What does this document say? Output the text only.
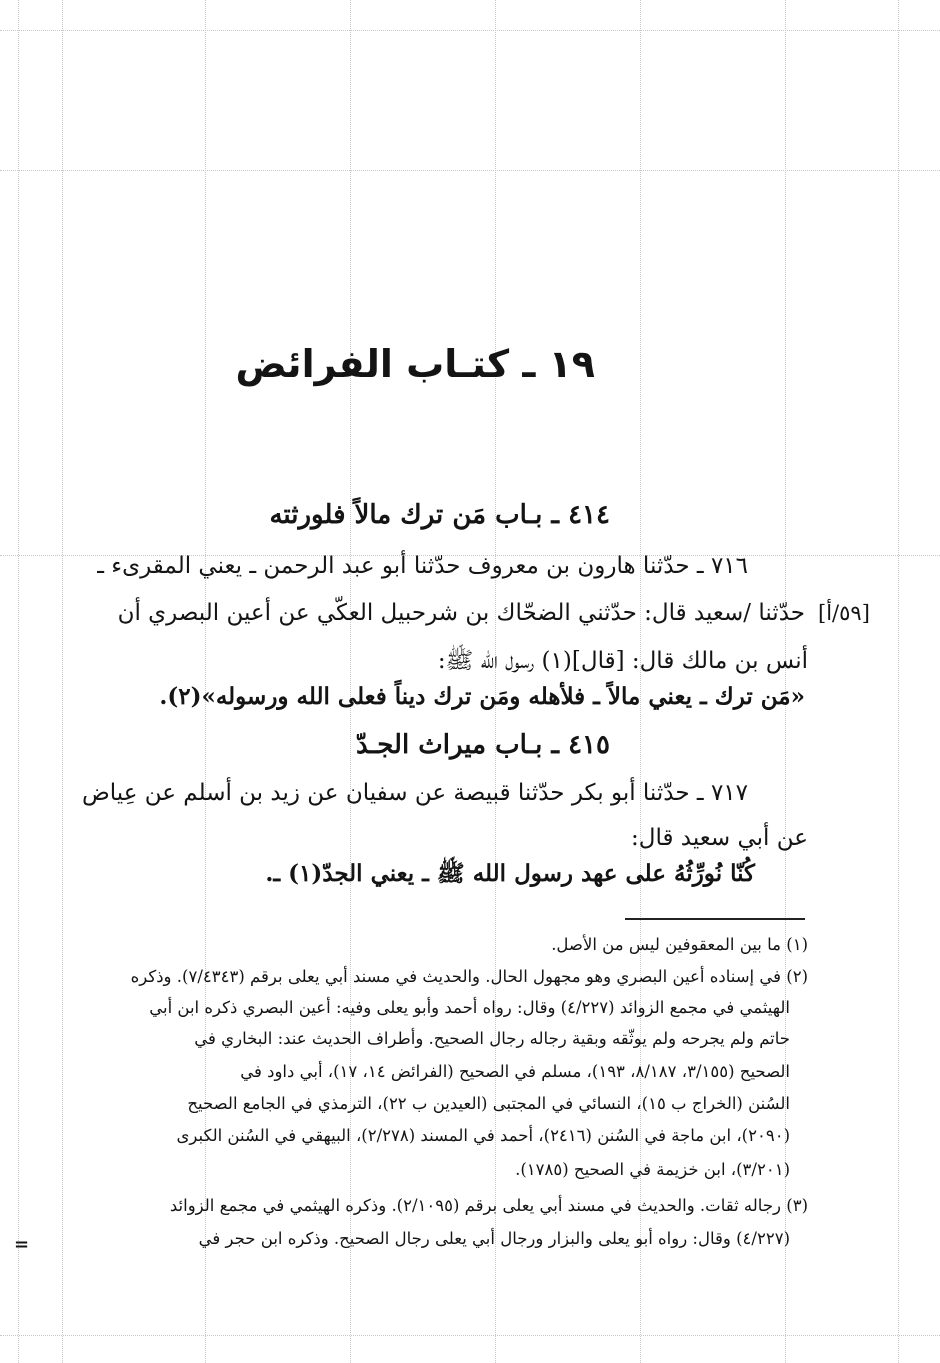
١٩ ـ كتـاب الفرائض
٤١٤ ـ بـاب مَن ترك مالاً فلورثته
٧١٦ ـ حدّثنا هارون بن معروف حدّثنا أبو عبد الرحمن ـ يعني المقرىء ـ
[٥٩/أ]
حدّثنا /سعيد قال: حدّثني الضحّاك بن شرحبيل العكّي عن أعين البصري أن
أنس بن مالك قال: [قال](١) رسول الله ﷺ:
«مَن ترك ـ يعني مالاً ـ فلأهله ومَن ترك ديناً فعلى الله ورسوله»(٢).
٤١٥ ـ بـاب ميراث الجـدّ
٧١٧ ـ حدّثنا أبو بكر حدّثنا قبيصة عن سفيان عن زيد بن أسلم عن عِياض
عن أبي سعيد قال:
كُنّا نُورِّثُهُ على عهد رسول الله ﷺ ـ يعني الجدّ(١) ـ.
(١) ما بين المعقوفين ليس من الأصل.
(٢) في إسناده أعين البصري وهو مجهول الحال. والحديث في مسند أبي يعلى برقم (٧/٤٣٤٣). وذكره
الهيثمي في مجمع الزوائد (٤/٢٢٧) وقال: رواه أحمد وأبو يعلى وفيه: أعين البصري ذكره ابن أبي
حاتم ولم يجرحه ولم يوثّقه وبقية رجاله رجال الصحيح. وأطراف الحديث عند: البخاري في
الصحيح (٣/١٥٥، ٨/١٨٧، ١٩٣)، مسلم في الصحيح (الفرائض ١٤، ١٧)، أبي داود في
السُنن (الخراج ب ١٥)، النسائي في المجتبى (العيدين ب ٢٢)، الترمذي في الجامع الصحيح
(٢٠٩٠)، ابن ماجة في السُنن (٢٤١٦)، أحمد في المسند (٢/٢٧٨)، البيهقي في السُنن الكبرى
(٣/٢٠١)، ابن خزيمة في الصحيح (١٧٨٥).
(٣) رجاله ثقات. والحديث في مسند أبي يعلى برقم (٢/١٠٩٥). وذكره الهيثمي في مجمع الزوائد
(٤/٢٢٧) وقال: رواه أبو يعلى والبزار ورجال أبي يعلى رجال الصحيح. وذكره ابن حجر في
=
